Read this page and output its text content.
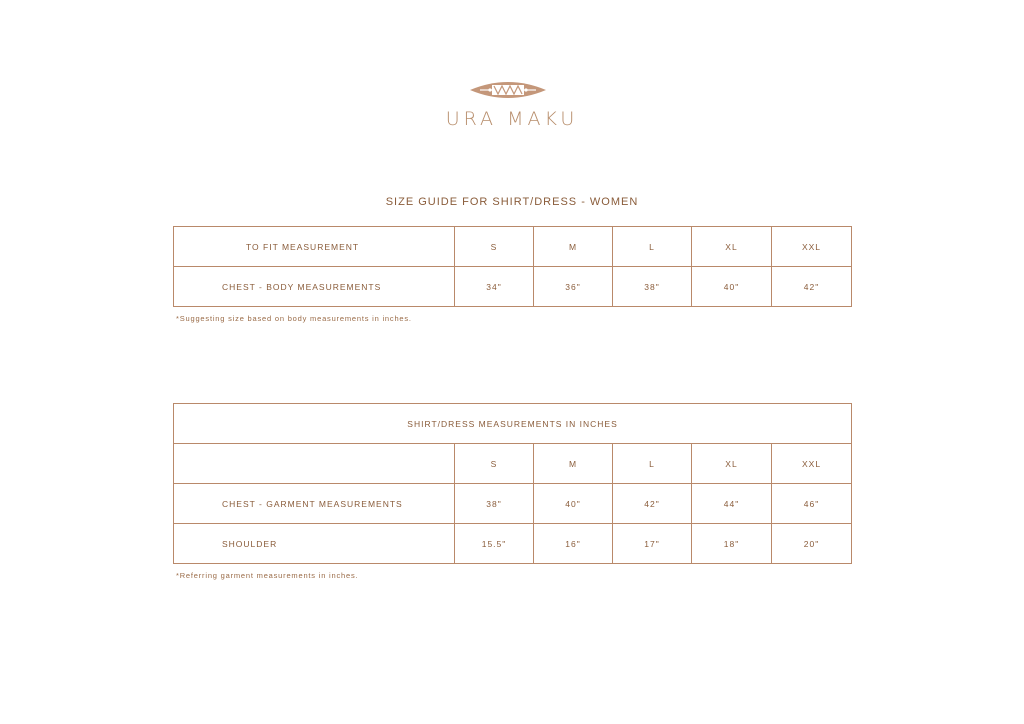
URA MAKU
SIZE GUIDE FOR SHIRT/DRESS - WOMEN
TO FIT MEASUREMENT	S	M	L	XL	XXL
CHEST - BODY MEASUREMENTS	34"	36"	38"	40"	42"
*Suggesting size based on body measurements in inches.
SHIRT/DRESS MEASUREMENTS IN INCHES					
	S	M	L	XL	XXL
CHEST - GARMENT MEASUREMENTS	38"	40"	42"	44"	46"
SHOULDER	15.5"	16"	17"	18"	20"
*Referring garment measurements in inches.
